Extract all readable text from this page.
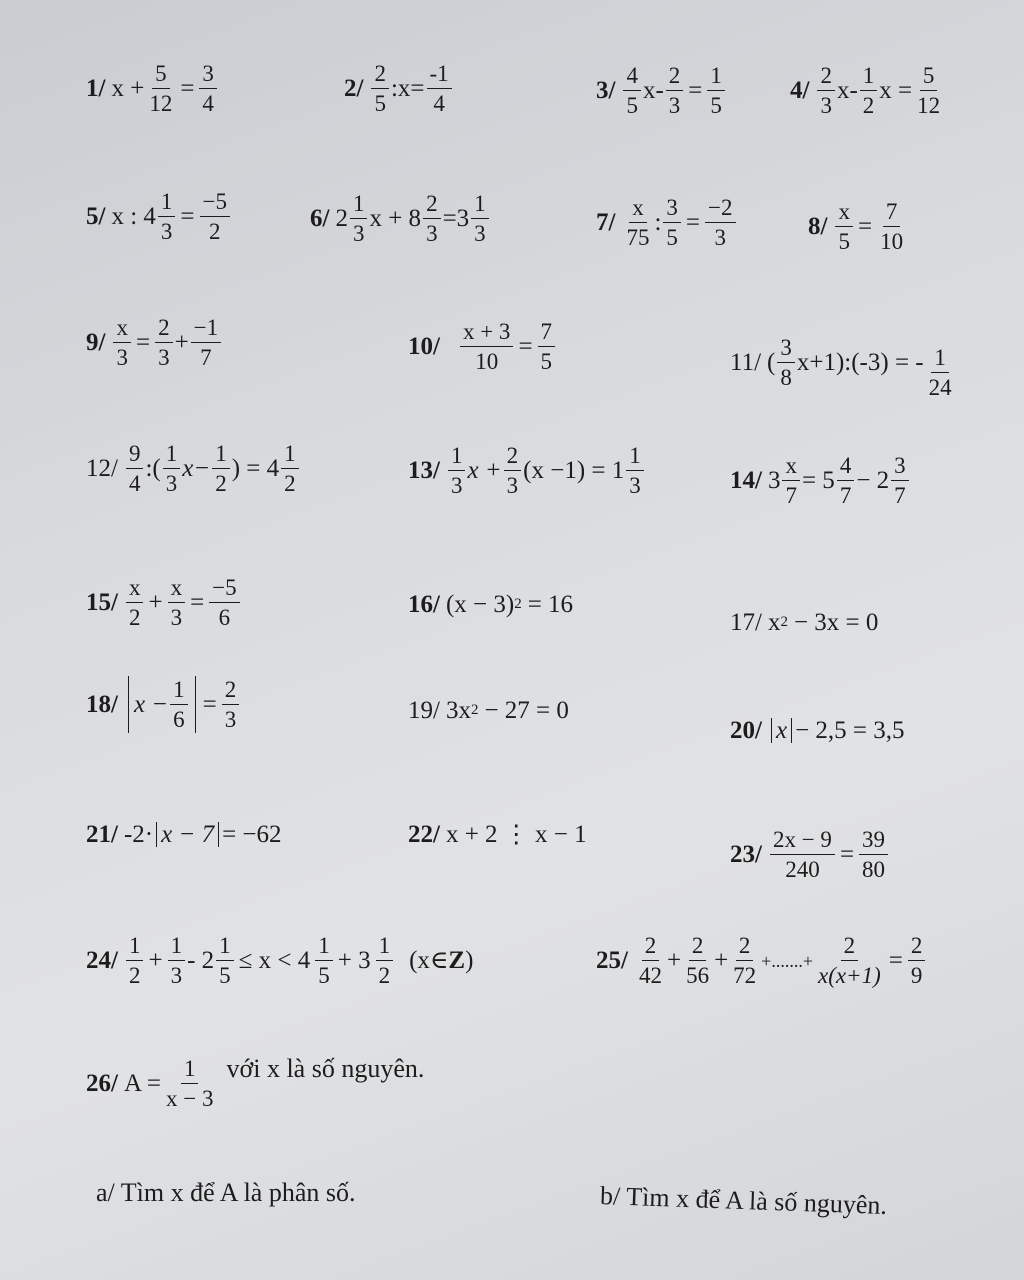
1/ $x + \frac{5}{12} = \frac{3}{4}$	$2/ \frac{2}{5}$ :x= $\frac{-1}{4}$	$3/ \frac{4}{5} x- \frac{2}{3} = \frac{1}{5}$	$4/ \frac{2}{3} x- \frac{1}{2}$ $x = \frac{5}{12}$
5/ x : $4 \frac{1}{3} = \frac{-5}{2}$	6/ $2 \frac{1}{3}$ $x + 8 \frac{2}{3} =3 \frac{1}{3}$	$7/ \frac{x}{75}$ : $\frac{3}{5} = \frac{-2}{3}$	$8/ \frac{x}{5} = \frac{7}{10}$
$9/ \frac{x}{3} = \frac{2}{3} + \frac{-1}{7}$	$10/ \frac{x + 3}{10} = \frac{7}{5}$	11/ ( $\frac{3}{8}$ x+1):(-3) = - $\frac{1}{24}$
$12/ \frac{9}{4}$ :( $\frac{1}{3} x- \frac{1}{2}$ ) = $4 \frac{1}{2}$	$13/ \frac{1}{3}$ $x + \frac{2}{3} (x -1) = 1 \frac{1}{3}$	14/ $3 \frac{x}{7} = 5 \frac{4}{7} - 2 \frac{3}{7}$
$15/ \frac{x}{2} + \frac{x}{3} = \frac{-5}{6}$	16/ (x − 3) 2 = 16
17/ x 2 − 3x = 0
18/ $x - \frac{1}{6} = \frac{2}{3}$	19/ 3x 2 − 27 = 0
20/ x − 2,5 = 3,5
21/ -2· x − 7 = −62	22/ x + 2 ⋮ x − 1
$23/ \frac{2x - 9}{240} = \frac{39}{80}$
$24/ \frac{1}{2} + \frac{1}{3} - 2 \frac{1}{5} \le x < 4 \frac{1}{5} + 3 \frac{1}{2}$ (x∈ Z )	$25/ \frac{2}{42} + \frac{2}{56} + \frac{2}{72}$ +.......+ $\frac{2}{x(x+1)} = \frac{2}{9}$
26/ $A = \frac{1}{x - 3}$ với x là số nguyên.
a/ Tìm x để A là phân số.	b/ Tìm x để A là số nguyên.
